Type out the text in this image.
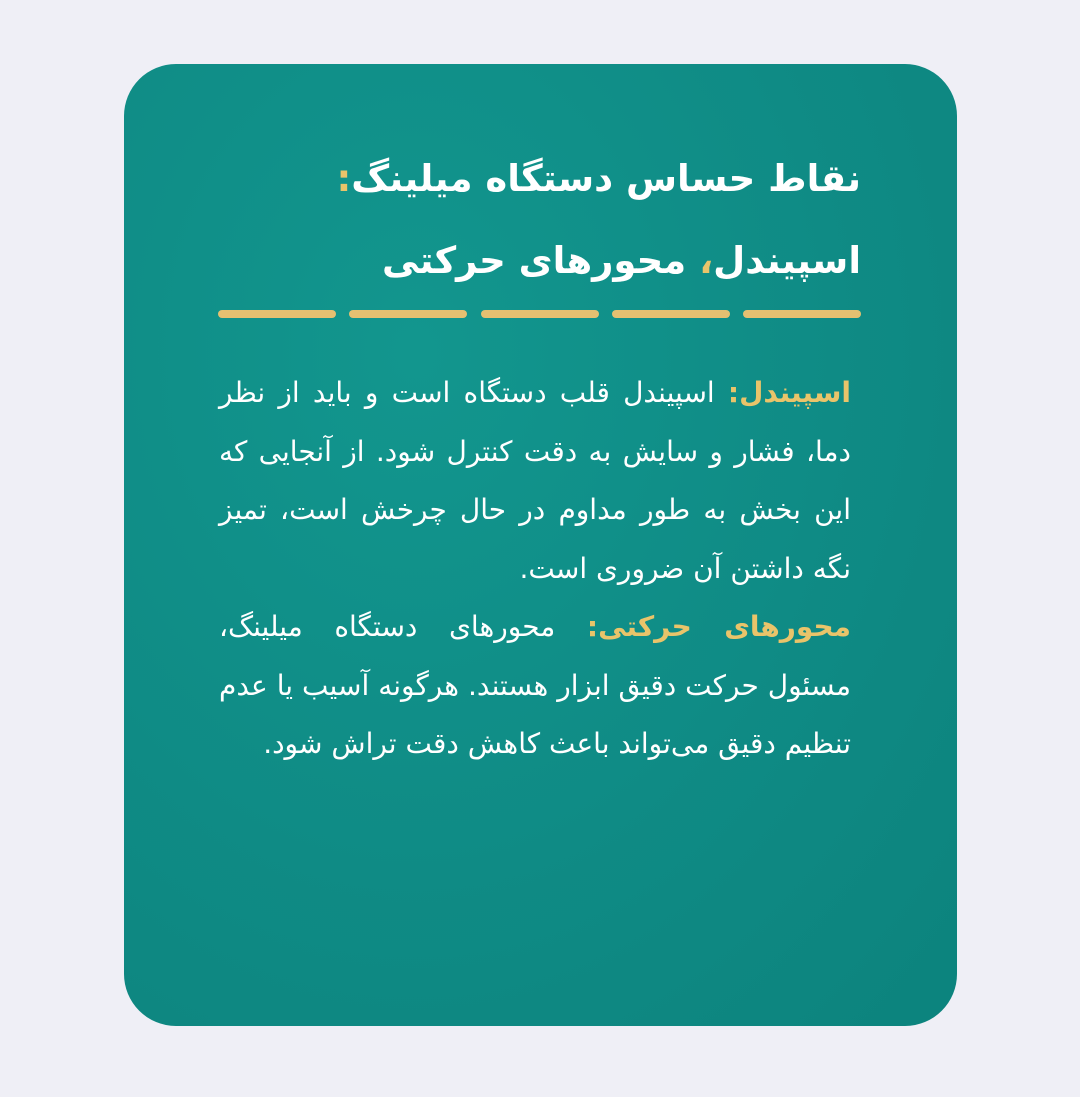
نقاط حساس دستگاه میلینگ:
اسپیندل، محورهای حرکتی

اسپیندل: اسپیندل قلب دستگاه است و باید از نظر دما، فشار و سایش به دقت کنترل شود. از آنجایی که این بخش به طور مداوم در حال چرخش است، تمیز نگه داشتن آن ضروری است.

محورهای حرکتی: محورهای دستگاه میلینگ، مسئول حرکت دقیق ابزار هستند. هرگونه آسیب یا عدم تنظیم دقیق می‌تواند باعث کاهش دقت تراش شود.
